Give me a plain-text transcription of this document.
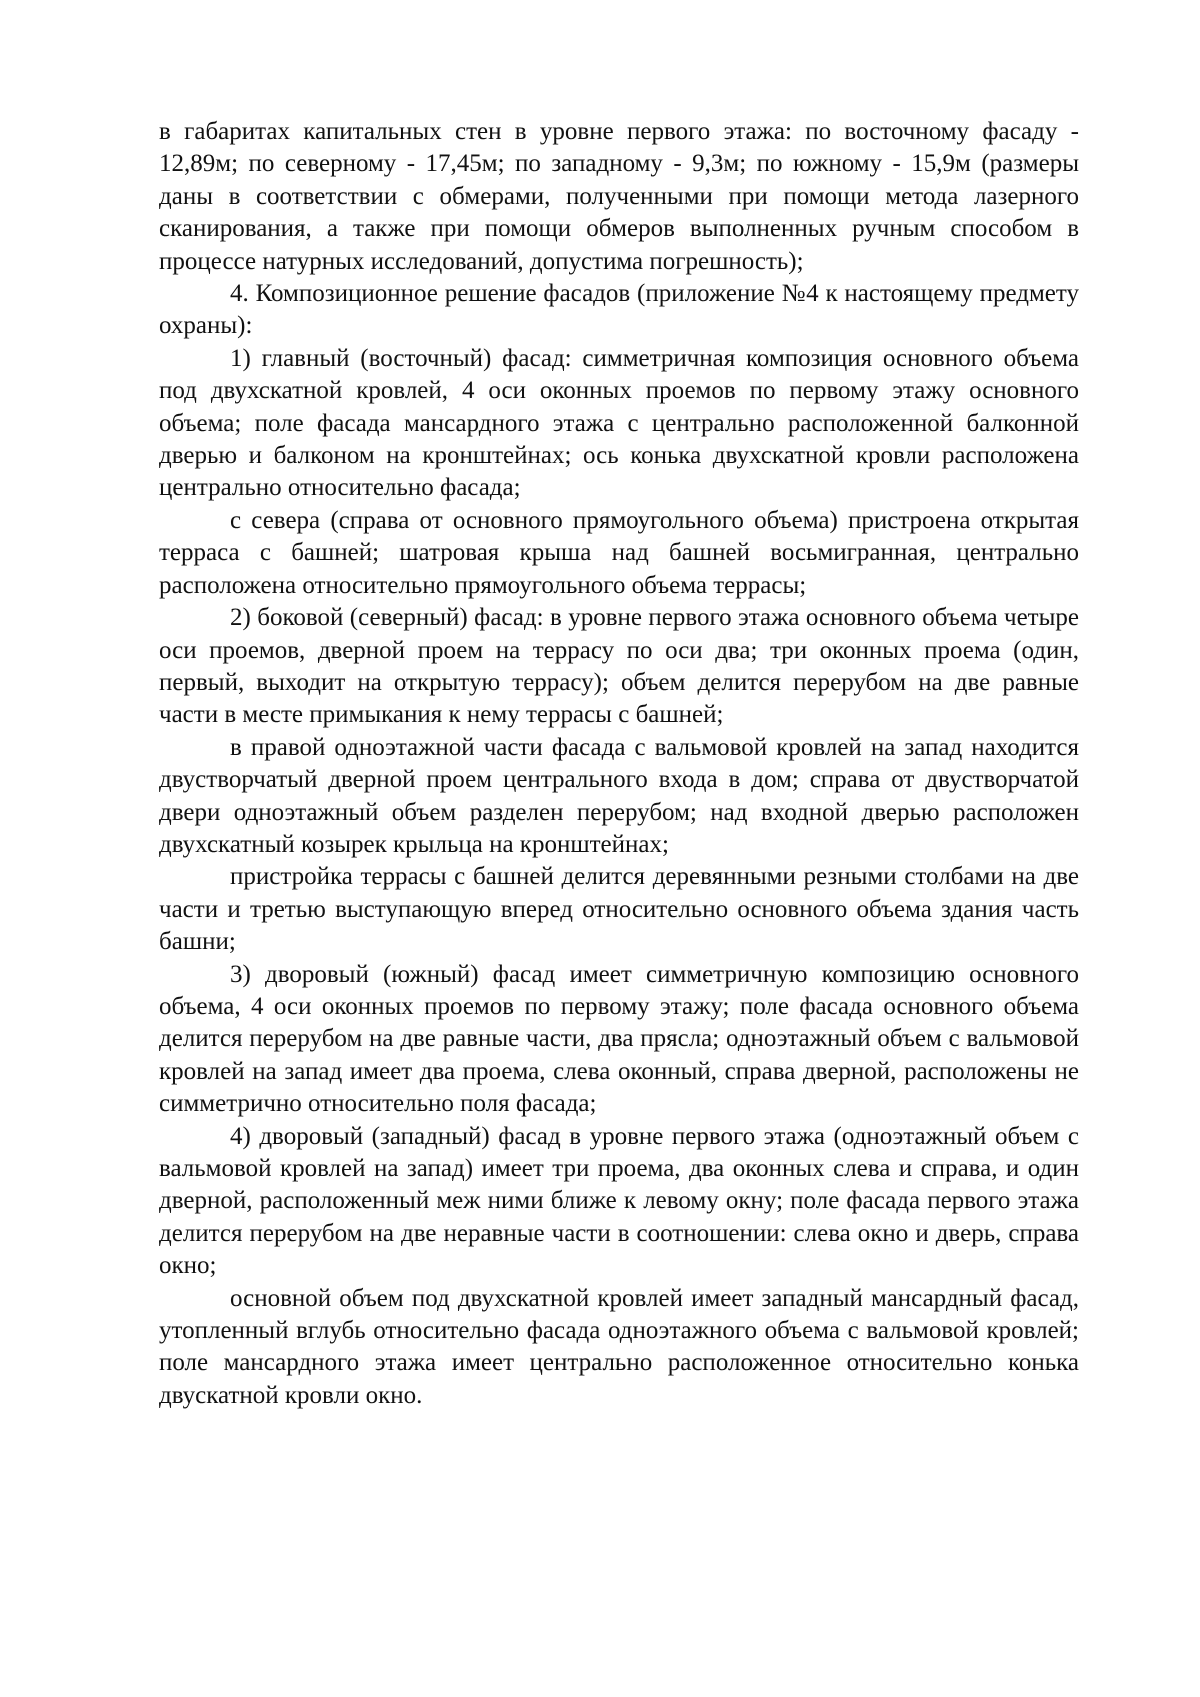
в габаритах капитальных стен в уровне первого этажа: по восточному фасаду - 12,89м; по северному - 17,45м; по западному - 9,3м; по южному - 15,9м (размеры даны в соответствии с обмерами, полученными при помощи метода лазерного сканирования, а также при помощи обмеров выполненных ручным способом в процессе натурных исследований, допустима погрешность);

4. Композиционное решение фасадов (приложение №4 к настоящему предмету охраны):

1) главный (восточный) фасад: симметричная композиция основного объема под двухскатной кровлей, 4 оси оконных проемов по первому этажу основного объема; поле фасада мансардного этажа с центрально расположенной балконной дверью и балконом на кронштейнах; ось конька двухскатной кровли расположена центрально относительно фасада;

с севера (справа от основного прямоугольного объема) пристроена открытая терраса с башней; шатровая крыша над башней восьмигранная, центрально расположена относительно прямоугольного объема террасы;

2) боковой (северный) фасад: в уровне первого этажа основного объема четыре оси проемов, дверной проем на террасу по оси два; три оконных проема (один, первый, выходит на открытую террасу); объем делится перерубом на две равные части в месте примыкания к нему террасы с башней;

в правой одноэтажной части фасада с вальмовой кровлей на запад находится двустворчатый дверной проем центрального входа в дом; справа от двустворчатой двери одноэтажный объем разделен перерубом; над входной дверью расположен двухскатный козырек крыльца на кронштейнах;

пристройка террасы с башней делится деревянными резными столбами на две части и третью выступающую вперед относительно основного объема здания часть башни;

3) дворовый (южный) фасад имеет симметричную композицию основного объема, 4 оси оконных проемов по первому этажу; поле фасада основного объема делится перерубом на две равные части, два прясла; одноэтажный объем с вальмовой кровлей на запад имеет два проема, слева оконный, справа дверной, расположены не симметрично относительно поля фасада;

4) дворовый (западный) фасад в уровне первого этажа (одноэтажный объем с вальмовой кровлей на запад) имеет три проема, два оконных слева и справа, и один дверной, расположенный меж ними ближе к левому окну; поле фасада первого этажа делится перерубом на две неравные части в соотношении: слева окно и дверь, справа окно;

основной объем под двухскатной кровлей имеет западный мансардный фасад, утопленный вглубь относительно фасада одноэтажного объема с вальмовой кровлей; поле мансардного этажа имеет центрально расположенное относительно конька двускатной кровли окно.
